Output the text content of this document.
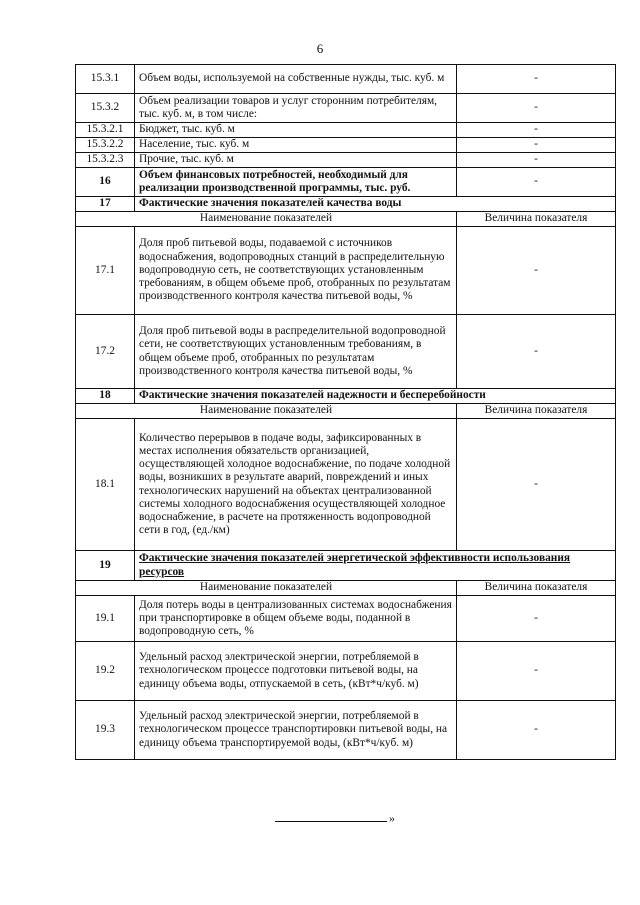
6
15.3.1	Объем воды, используемой на собственные нужды, тыс. куб. м	-
15.3.2	Объем реализации товаров и услуг сторонним потребителям, тыс. куб. м, в том числе:	-
15.3.2.1	Бюджет, тыс. куб. м	-
15.3.2.2	Население, тыс. куб. м	-
15.3.2.3	Прочие, тыс. куб. м	-
16	Объем финансовых потребностей, необходимый для реализации производственной программы, тыс. руб.	-
17	Фактические значения показателей качества воды	
Наименование показателей		Величина показателя
17.1	Доля проб питьевой воды, подаваемой с источников водоснабжения, водопроводных станций в распределительную водопроводную сеть, не соответствующих установленным требованиям, в общем объеме проб, отобранных по результатам производственного контроля качества питьевой воды, %	-
17.2	Доля проб питьевой воды в распределительной водопроводной сети, не соответствующих установленным требованиям, в общем объеме проб, отобранных по результатам производственного контроля качества питьевой воды, %	-
18	Фактические значения показателей надежности и бесперебойности	
Наименование показателей		Величина показателя
18.1	Количество перерывов в подаче воды, зафиксированных в местах исполнения обязательств организацией, осуществляющей холодное водоснабжение, по подаче холодной воды, возникших в результате аварий, повреждений и иных технологических нарушений на объектах централизованной системы холодного водоснабжения осуществляющей холодное водоснабжение, в расчете на протяженность водопроводной сети в год, (ед./км)	-
19	Фактические значения показателей энергетической эффективности использования ресурсов	
Наименование показателей		Величина показателя
19.1	Доля потерь воды в централизованных системах водоснабжения при транспортировке в общем объеме воды, поданной в водопроводную сеть, %	-
19.2	Удельный расход электрической энергии, потребляемой в технологическом процессе подготовки питьевой воды, на единицу объема воды, отпускаемой в сеть, (кВт*ч/куб. м)	-
19.3	Удельный расход электрической энергии, потребляемой в технологическом процессе транспортировки питьевой воды, на единицу объема транспортируемой воды, (кВт*ч/куб. м)	-
»
